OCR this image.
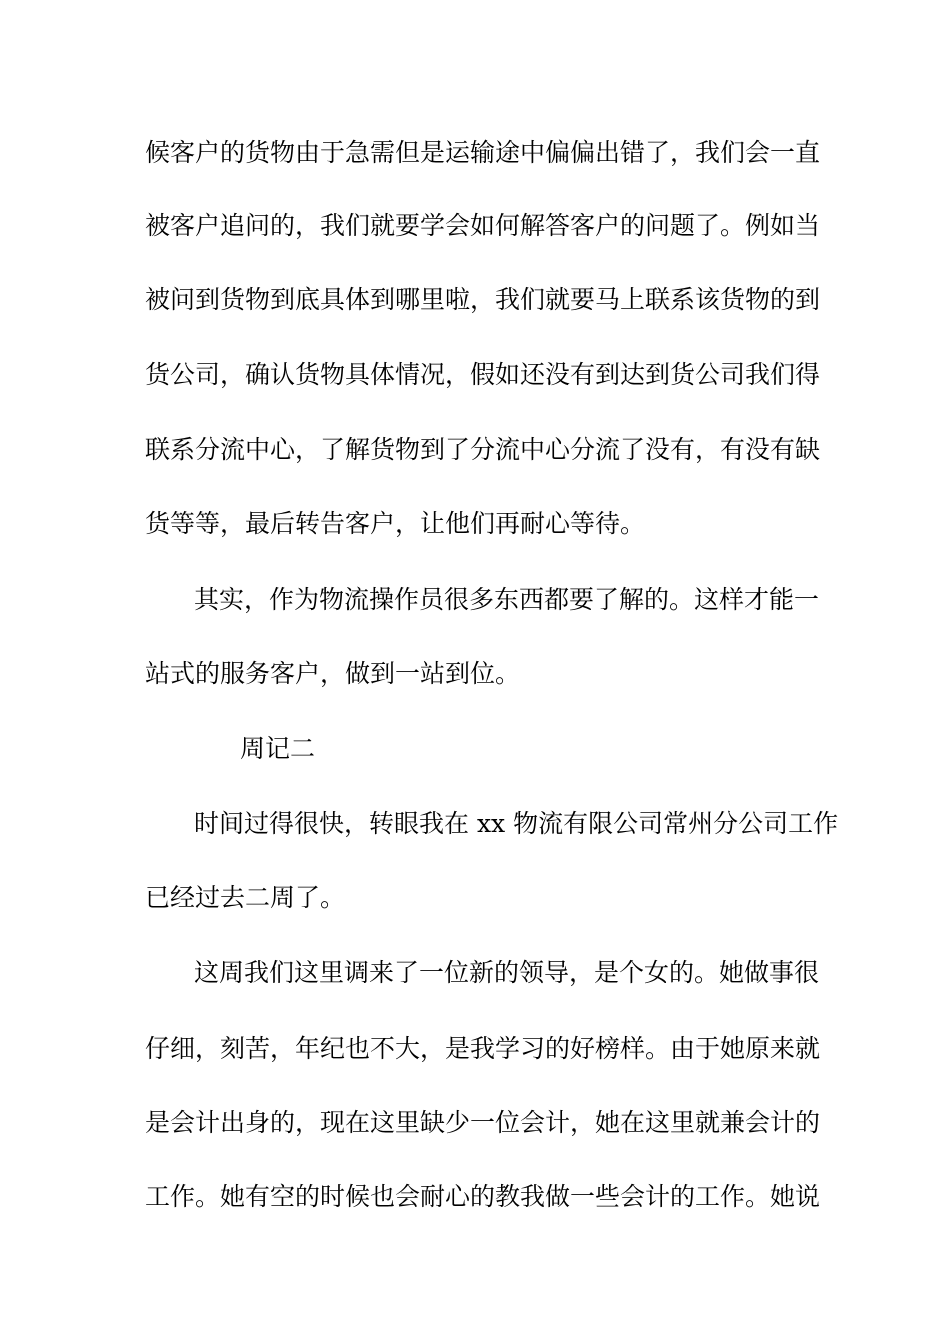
候客户的货物由于急需但是运输途中偏偏出错了，我们会一直
被客户追问的，我们就要学会如何解答客户的问题了。例如当
被问到货物到底具体到哪里啦，我们就要马上联系该货物的到
货公司，确认货物具体情况，假如还没有到达到货公司我们得
联系分流中心，了解货物到了分流中心分流了没有，有没有缺
货等等，最后转告客户，让他们再耐心等待。
其实，作为物流操作员很多东西都要了解的。这样才能一
站式的服务客户，做到一站到位。
周记二
时间过得很快，转眼我在 xx 物流有限公司常州分公司工作
已经过去二周了。
这周我们这里调来了一位新的领导，是个女的。她做事很
仔细，刻苦，年纪也不大，是我学习的好榜样。由于她原来就
是会计出身的，现在这里缺少一位会计，她在这里就兼会计的
工作。她有空的时候也会耐心的教我做一些会计的工作。她说
